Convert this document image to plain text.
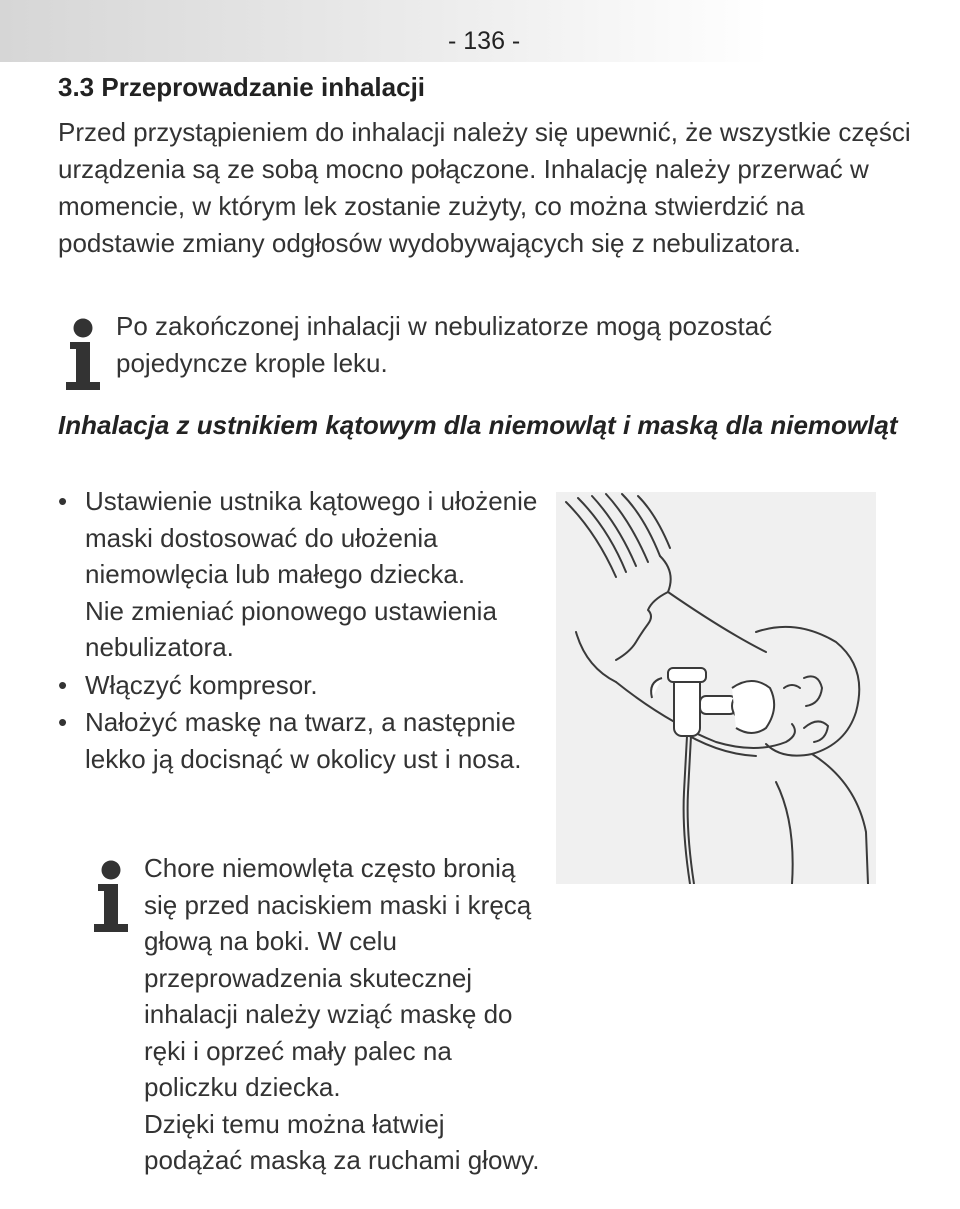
- 136 -
3.3 Przeprowadzanie inhalacji

Przed przystąpieniem do inhalacji należy się upewnić, że wszystkie części urządzenia są ze sobą mocno połączone. Inhalację należy przerwać w momencie, w którym lek zostanie zużyty, co można stwierdzić na podstawie zmiany odgłosów wydobywających się z nebulizatora.

Po zakończonej inhalacji w nebulizatorze mogą pozostać pojedyncze krople leku.

Inhalacja z ustnikiem kątowym dla niemowląt i maską dla niemowląt

• Ustawienie ustnika kątowego i ułożenie maski dostosować do ułożenia niemowlęcia lub małego dziecka.
Nie zmieniać pionowego ustawienia nebulizatora.
• Włączyć kompresor.
• Nałożyć maskę na twarz, a następnie lekko ją docisnąć w okolicy ust i nosa.

Chore niemowlęta często bronią się przed naciskiem maski i kręcą głową na boki. W celu przeprowadzenia skutecznej inhalacji należy wziąć maskę do ręki i oprzeć mały palec na policzku dziecka.
Dzięki temu można łatwiej podążać maską za ruchami głowy.
